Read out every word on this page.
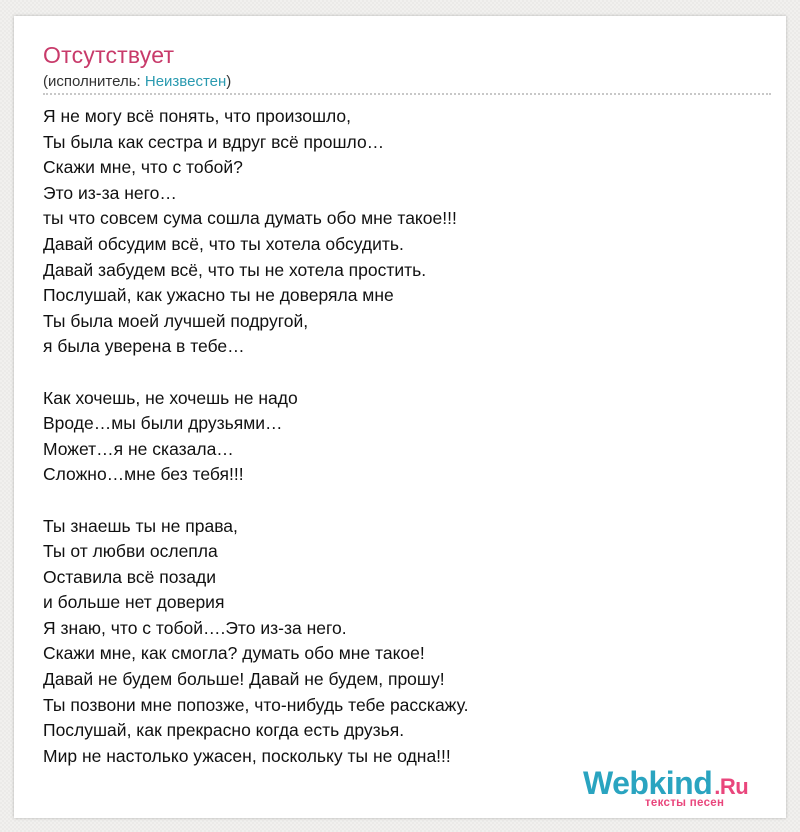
Отсутствует
(исполнитель: Неизвестен)

Я не могу всё понять, что произошло,
Ты была как сестра и вдруг всё прошло…
Скажи мне, что с тобой?
Это из-за него…
ты что совсем сума сошла думать обо мне такое!!!
Давай обсудим всё, что ты хотела обсудить.
Давай забудем всё, что ты не хотела простить.
Послушай, как ужасно ты не доверяла мне
Ты была моей лучшей подругой,
я была уверена в тебе…

Как хочешь, не хочешь не надо
Вроде…мы были друзьями…
Может…я не сказала…
Сложно…мне без тебя!!!

Ты знаешь ты не права,
Ты от любви ослепла
Оставила всё позади
и больше нет доверия
Я знаю, что с тобой….Это из-за него.
Скажи мне, как смогла? думать обо мне такое!
Давай не будем больше! Давай не будем, прошу!
Ты позвони мне попозже, что-нибудь тебе расскажу.
Послушай, как прекрасно когда есть друзья.
Мир не настолько ужасен, поскольку ты не одна!!!

Webkind.Ru
тексты песен
